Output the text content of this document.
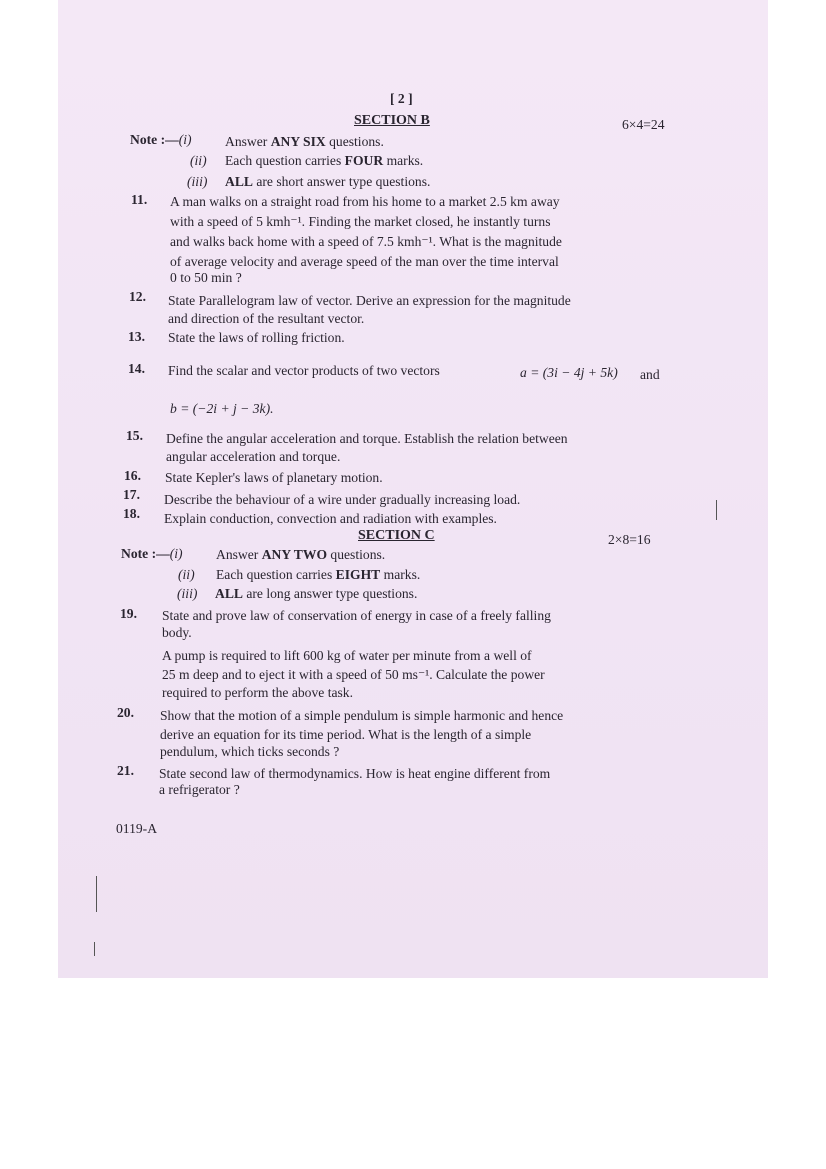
[ 2 ]
SECTION B	6×4=24
Note :—(i) Answer ANY SIX questions.
(ii) Each question carries FOUR marks.
(iii) ALL are short answer type questions.
11. A man walks on a straight road from his home to a market 2.5 km away
with a speed of 5 kmh⁻¹. Finding the market closed, he instantly turns
and walks back home with a speed of 7.5 kmh⁻¹. What is the magnitude
of average velocity and average speed of the man over the time interval
0 to 50 min ?
12. State Parallelogram law of vector. Derive an expression for the magnitude
and direction of the resultant vector.
13. State the laws of rolling friction.
14. Find the scalar and vector products of two vectors	a = (3i − 4j + 5k) and
b = (−2i + j − 3k).
15. Define the angular acceleration and torque. Establish the relation between
angular acceleration and torque.
16. State Kepler's laws of planetary motion.
17. Describe the behaviour of a wire under gradually increasing load.
18. Explain conduction, convection and radiation with examples.
SECTION C	2×8=16
Note :—(i) Answer ANY TWO questions.
(ii) Each question carries EIGHT marks.
(iii) ALL are long answer type questions.
19. State and prove law of conservation of energy in case of a freely falling
body.
A pump is required to lift 600 kg of water per minute from a well of
25 m deep and to eject it with a speed of 50 ms⁻¹. Calculate the power
required to perform the above task.
20. Show that the motion of a simple pendulum is simple harmonic and hence
derive an equation for its time period. What is the length of a simple
pendulum, which ticks seconds ?
21. State second law of thermodynamics. How is heat engine different from
a refrigerator ?
0119-A
